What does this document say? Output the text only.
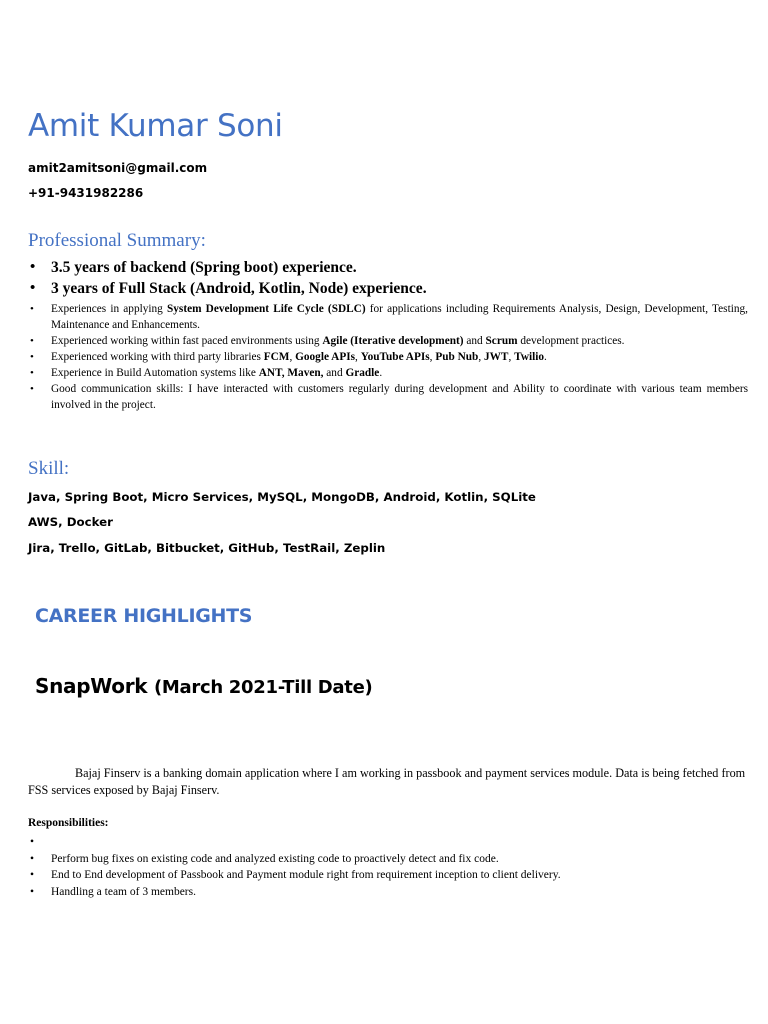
Amit Kumar Soni

amit2amitsoni@gmail.com

+91-9431982286

Professional Summary:
• 3.5 years of backend (Spring boot) experience.
• 3 years of Full Stack (Android, Kotlin, Node) experience.
• Experiences in applying System Development Life Cycle (SDLC) for applications including Requirements Analysis, Design, Development, Testing, Maintenance and Enhancements.
• Experienced working within fast paced environments using Agile (Iterative development) and Scrum development practices.
• Experienced working with third party libraries FCM, Google APIs, YouTube APIs, Pub Nub, JWT, Twilio.
• Experience in Build Automation systems like ANT, Maven, and Gradle.
• Good communication skills: I have interacted with customers regularly during development and Ability to coordinate with various team members involved in the project.
Skill:

Java, Spring Boot, Micro Services, MySQL, MongoDB, Android, Kotlin, SQLite

AWS, Docker

Jira, Trello, GitLab, Bitbucket, GitHub, TestRail, Zeplin

CAREER HIGHLIGHTS
SnapWork (March 2021-Till Date)

Bajaj Finserv is a banking domain application where I am working in passbook and payment services module. Data is being fetched from FSS services exposed by Bajaj Finserv.

Responsibilities:

•
• Perform bug fixes on existing code and analyzed existing code to proactively detect and fix code.
• End to End development of Passbook and Payment module right from requirement inception to client delivery.
• Handling a team of 3 members.
